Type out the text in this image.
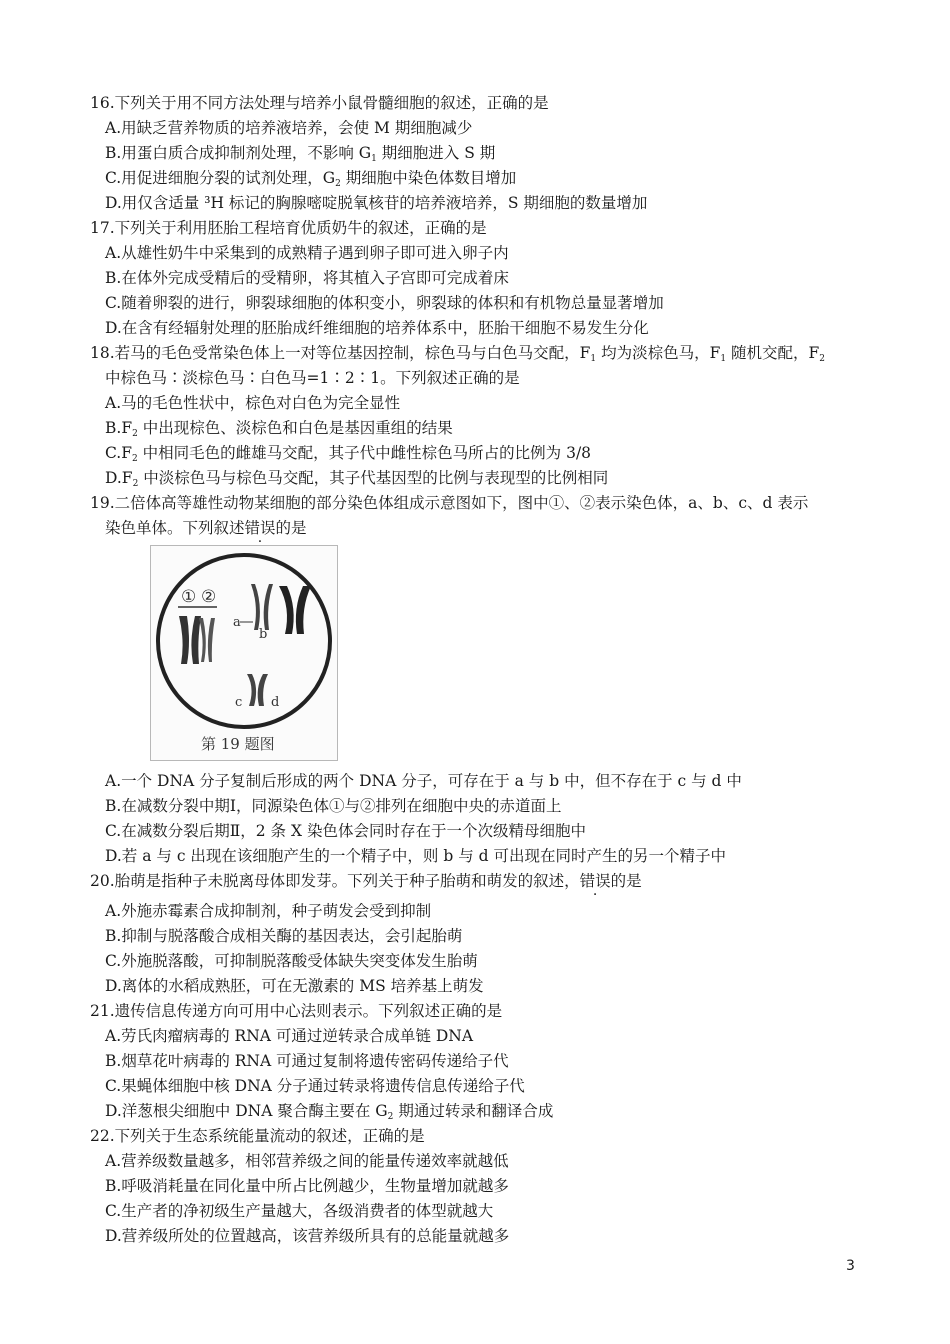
16.下列关于用不同方法处理与培养小鼠骨髓细胞的叙述，正确的是
A.用缺乏营养物质的培养液培养，会使 M 期细胞减少
B.用蛋白质合成抑制剂处理，不影响 $G_1$ 期细胞进入 S 期
C.用促进细胞分裂的试剂处理，$G_2$ 期细胞中染色体数目增加
D.用仅含适量 ³H 标记的胸腺嘧啶脱氧核苷的培养液培养，S 期细胞的数量增加
17.下列关于利用胚胎工程培育优质奶牛的叙述，正确的是
A.从雄性奶牛中采集到的成熟精子遇到卵子即可进入卵子内
B.在体外完成受精后的受精卵，将其植入子宫即可完成着床
C.随着卵裂的进行，卵裂球细胞的体积变小，卵裂球的体积和有机物总量显著增加
D.在含有经辐射处理的胚胎成纤维细胞的培养体系中，胚胎干细胞不易发生分化
18.若马的毛色受常染色体上一对等位基因控制，棕色马与白色马交配，$F_1$ 均为淡棕色马，$F_1$ 随机交配，$F_2$
中棕色马∶淡棕色马∶白色马=1∶2∶1。下列叙述正确的是
A.马的毛色性状中，棕色对白色为完全显性
$B.F_2$ 中出现棕色、淡棕色和白色是基因重组的结果
$C.F_2$ 中相同毛色的雌雄马交配，其子代中雌性棕色马所占的比例为 3/8
$D.F_2$ 中淡棕色马与棕色马交配，其子代基因型的比例与表现型的比例相同
19.二倍体高等雄性动物某细胞的部分染色体组成示意图如下，图中①、②表示染色体，a、b、c、d 表示
染色单体。下列叙述错误的是
① ②
a
b
c d
第 19 题图
A.一个 DNA 分子复制后形成的两个 DNA 分子，可存在于 a 与 b 中，但不存在于 c 与 d 中
B.在减数分裂中期Ⅰ，同源染色体①与②排列在细胞中央的赤道面上
C.在减数分裂后期Ⅱ，2 条 X 染色体会同时存在于一个次级精母细胞中
D.若 a 与 c 出现在该细胞产生的一个精子中，则 b 与 d 可出现在同时产生的另一个精子中
20.胎萌是指种子未脱离母体即发芽。下列关于种子胎萌和萌发的叙述，错误的是
A.外施赤霉素合成抑制剂，种子萌发会受到抑制
B.抑制与脱落酸合成相关酶的基因表达，会引起胎萌
C.外施脱落酸，可抑制脱落酸受体缺失突变体发生胎萌
D.离体的水稻成熟胚，可在无激素的 MS 培养基上萌发
21.遗传信息传递方向可用中心法则表示。下列叙述正确的是
A.劳氏肉瘤病毒的 RNA 可通过逆转录合成单链 DNA
B.烟草花叶病毒的 RNA 可通过复制将遗传密码传递给子代
C.果蝇体细胞中核 DNA 分子通过转录将遗传信息传递给子代
D.洋葱根尖细胞中 DNA 聚合酶主要在 $G_2$ 期通过转录和翻译合成
22.下列关于生态系统能量流动的叙述，正确的是
A.营养级数量越多，相邻营养级之间的能量传递效率就越低
B.呼吸消耗量在同化量中所占比例越少，生物量增加就越多
C.生产者的净初级生产量越大，各级消费者的体型就越大
D.营养级所处的位置越高，该营养级所具有的总能量就越多
3
